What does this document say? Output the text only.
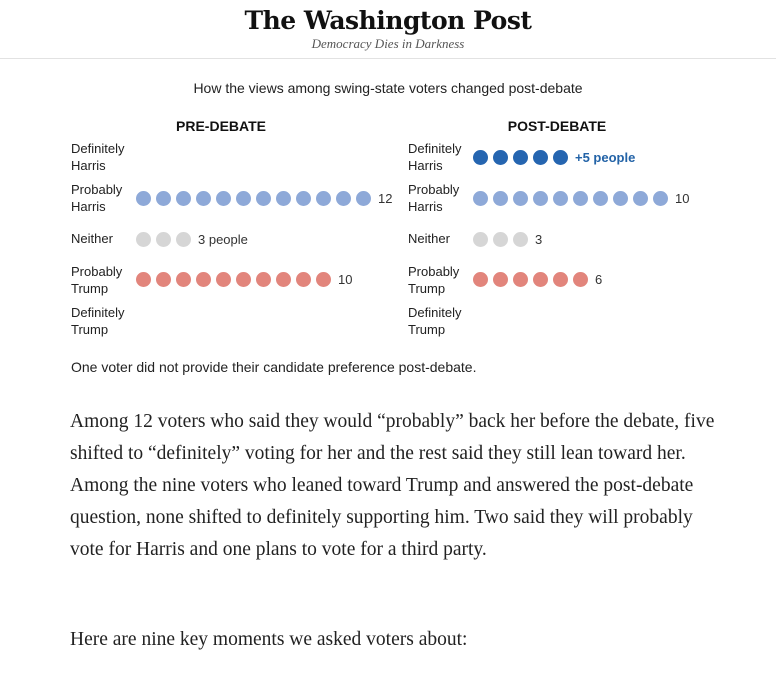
The Washington Post
Democracy Dies in Darkness
How the views among swing-state voters changed post-debate
PRE-DEBATE
Definitely
Harris
Probably
Harris
12
Neither	3 people
Probably
Trump
10
Definitely
Trump
POST-DEBATE
Definitely
Harris
+5 people
Probably
Harris
10
Neither	3
Probably
Trump
6
Definitely
Trump
One voter did not provide their candidate preference post-debate.

Among 12 voters who said they would “probably” back her before the debate, five shifted to “definitely” voting for her and the rest said they still lean toward her. Among the nine voters who leaned toward Trump and answered the post-debate question, none shifted to definitely supporting him. Two said they will probably vote for Harris and one plans to vote for a third party.

Here are nine key moments we asked voters about:
